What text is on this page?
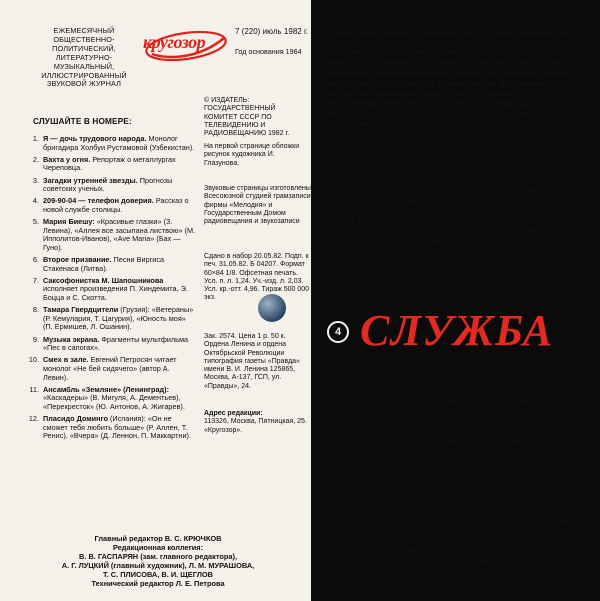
ЕЖЕМЕСЯЧНЫЙ ОБЩЕСТВЕННО-ПОЛИТИЧЕСКИЙ, ЛИТЕРАТУРНО-МУЗЫКАЛЬНЫЙ, ИЛЛЮСТРИРОВАННЫЙ ЗВУКОВОЙ ЖУРНАЛ
кругозор
7 (220) июль 1982 г.
Год основания 1964
СЛУШАЙТЕ В НОМЕРЕ:
1. Я — дочь трудового народа. Монолог бригадира Холбуи Рустамовой (Узбекистан).
2. Вахта у огня. Репортаж о металлургах Череповца.
3. Загадки утренней звезды. Прогнозы советских ученых.
4. 209-90-04 — телефон доверия. Рассказ о новой службе столицы.
5. Мария Биешу: «Красивые глазки» (З. Левина), «Аллея все засыпана листвою» (М. Ипполитов-Иванов), «Ave Maria» (Бах — Гуно).
6. Второе призвание. Песни Виргиса Стакенаса (Литва).
7. Саксофонистка М. Шапошникова исполняет произведения П. Хиндемита, Э. Боцца и С. Скотта.
8. Тамара Гвердцители (Грузия): «Ветераны» (Р. Кемулария, Т. Цагурия), «Юность моя» (П. Ермишев, Л. Ошанин).
9. Музыка экрана. Фрагменты мультфильма «Пес в сапогах».
10. Смех в зале. Евгений Петросян читает монолог «Не бей сидячего» (автор А. Левин).
11. Ансамбль «Земляне» (Ленинград): «Каскадеры» (В. Мигуля, А. Дементьев), «Перекресток» (Ю. Антонов, А. Жигарев).
12. Пласидо Доминго (Испания): «Он не сможет тебя любить больше» (Р. Аллен, Т. Ренис), «Вчера» (Д. Леннон, П. Маккартни).
© ИЗДАТЕЛЬ: ГОСУДАРСТВЕННЫЙ КОМИТЕТ СССР ПО ТЕЛЕВИДЕНИЮ И РАДИОВЕЩАНИЮ 1982 г.
На первой странице обложки рисунок художника И. Глазунова.
Звуковые страницы изготовлены Всесоюзной студией грамзаписи фирмы «Мелодия» и Государственным Домом радиовещания и звукозаписи
Сдано в набор 20.05.82. Подп. к печ. 31.05.82. Б 04207. Формат 60×84 1/8. Офсетная печать. Усл. п. л. 1,24. Уч.-изд. л. 2,03. Усл. кр.-отт. 4,96. Тираж 500 000 экз.
Зак. 2574. Цена 1 р. 50 к. Ордена Ленина и ордена Октябрьской Революции типография газеты «Правда» имени В. И. Ленина 125865, Москва, А-137, ГСП, ул. «Правды», 24.
Адрес редакции:
113326, Москва, Пятницкая, 25. «Кругозор».
Главный редактор В. С. КРЮЧКОВ
Редакционная коллегия:
В. В. ГАСПАРЯН (зам. главного редактора),
А. Г. ЛУЦКИЙ (главный художник), Л. М. МУРАШОВА,
Т. С. ПЛИСОВА, В. И. ЩЕГЛОВ
Технический редактор Л. Е. Петрова
Очень важно научить человека вести себя в конфликтной ситуации, помочь ему увидеть выход из кажущегося безвыходным положения. Именно такие задачи ставит перед собой впервые созданная в нашей стране служба социально-психологической помощи. На вопросы нашего корреспондента отвечает руководитель Всесоюзного научно-методического центра по изучению и предупреждению экстремальных состояний, доктор медицинских наук, профессор Айна Григорьевна Амбрумова (фото внизу).

— Айна Григорьевна, на чем основывалась ваша уверенность в необходимости создания широкой квалифицированной помощи человеку в экстремальных ситуациях?

— Прежде всего на том, что эту необходимость выдвинул сам наш век — век стремительных ритмов и огромного потока информации. Способность личности реагировать на внешние нагрузки и внешние ситуации различна. Многим людям нравится стремительный темп жизни. Но есть люди, у которых уровень адаптации значительно снижен, которые не могут выдержать порой возникающего

4 СЛУЖБА

большого наплыва нагрузок. В таких случаях человеку необходима психологическая помощь.

Кроме того, не каждый человек, попав в сложную жизненную ситуацию, умеет найти правильный выход из нее. И он может совершить какой-нибудь необдуманный, ненужный, а иногда и необратимый поступок. И далеко не всю жизни великим умением — умением общаться. А замечательный французский писатель, летчик и, я бы добавила, психолог Антуан де Сент-Экзюпери говорил, что счастье человеческого общения — это самое высокое счастье в жизни.

— Итак, вы начали с эксперимента, создав в Тимирязевском районе Москвы при обычной поликлинике первый в стране кабинет социально-психологической помощи. Как же развивалась дальше эта «служба доброты»?

— Сейчас в столице действует уже 13 кабинетов социально-психологической помощи. Два года работы дали результаты самые обнадеживающие. Первые посетители обращались к нам анонимно. И часто, видя искреннее желание помочь ему, человек приходит вновь и уже сам называет себя, рассказывает о своем предприятии или семье. При необходимости психологи направляются на предприятие, на дом, расширяя таким образом сферу своего влияния. В
